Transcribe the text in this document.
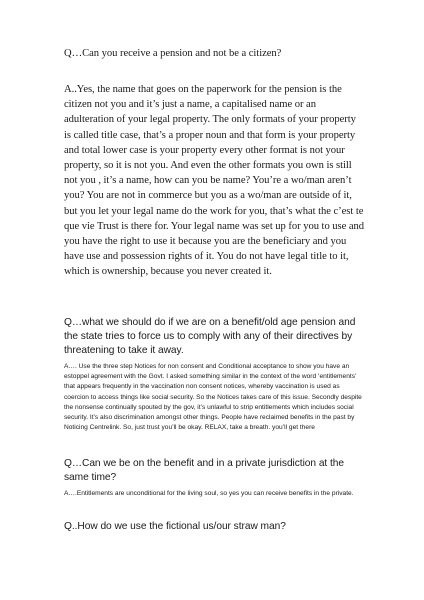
Q…Can you receive a pension and not be a citizen?

A..Yes, the name that goes on the paperwork for the pension is the citizen not you and it’s just a name, a capitalised name or an adulteration of your legal property. The only formats of your property is called title case, that’s a proper noun and that form is your property and total lower case is your property every other format is not your property, so it is not you. And even the other formats you own is still not you , it’s a name, how can you be name? You’re a wo/man aren’t you? You are not in commerce but you as a wo/man are outside of it, but you let your legal name do the work for you, that’s what the c’est te que vie Trust is there for. Your legal name was set up for you to use and you have the right to use it because you are the beneficiary and you have use and possession rights of it. You do not have legal title to it, which is ownership, because you never created it.

Q…what we should do if we are on a benefit/old age pension and the state tries to force us to comply with any of their directives by threatening to take it away.

A…. Use the three step Notices for non consent and Conditional acceptance to show you have an estoppel agreement with the Govt. I asked something similar in the context of the word ‘entitlements’ that appears frequently in the vaccination non consent notices, whereby vaccination is used as coercion to access things like social security. So the Notices takes care of this issue. Secondly despite the nonsense continually spouted by the gov, it’s unlawful to strip entitlements which includes social security. It’s also discrimination amongst other things. People have reclaimed benefits in the past by Noticing Centrelink. So, just trust you’ll be okay. RELAX, take a breath. you’ll get there

Q…Can we be on the benefit and in a private jurisdiction at the same time?

A….Entitlements are unconditional for the living soul, so yes you can receive benefits in the private.

Q..How do we use the fictional us/our straw man?
